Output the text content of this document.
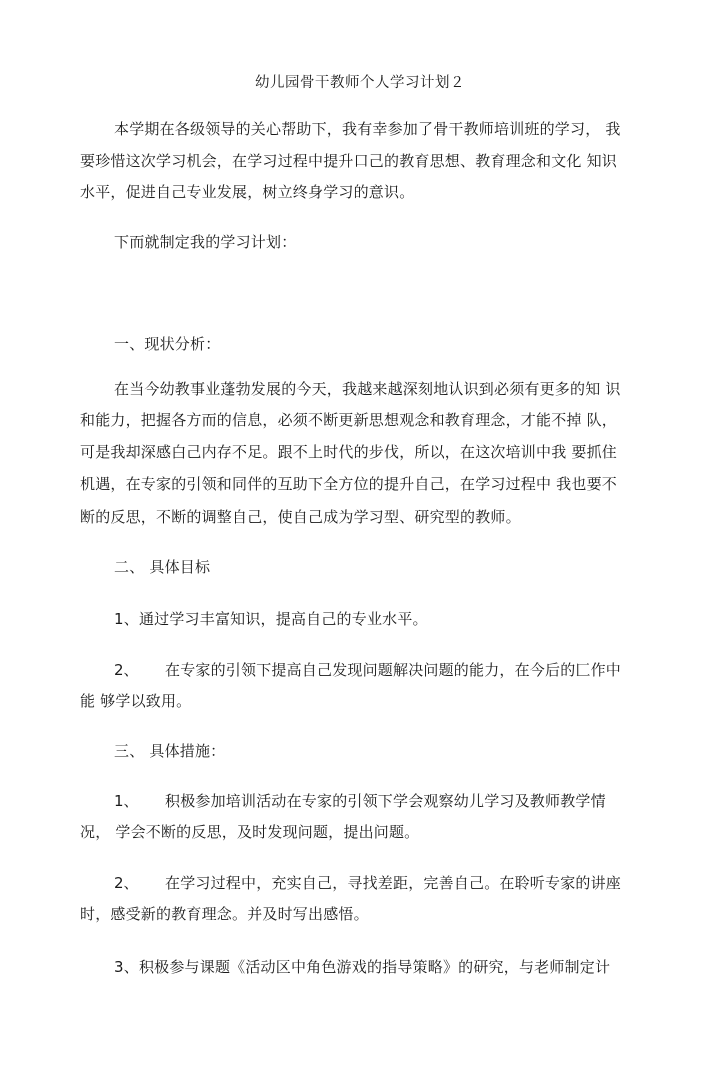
幼儿园骨干教师个人学习计划２
本学期在各级领导的关心帮助下，我有幸参加了骨干教师培训班的学习， 我
要珍惜这次学习机会，在学习过程中提升口己的教育思想、教育理念和文化 知识
水平，促进自己专业发展，树立终身学习的意识。
下而就制定我的学习计划：
一、现状分析：
在当今幼教事业蓬勃发展的今天，我越来越深刻地认识到必须有更多的知 识
和能力，把握各方而的信息，必须不断更新思想观念和教育理念，才能不掉 队，
可是我却深感白己内存不足。跟不上时代的步伐，所以，在这次培训中我 要抓住
机遇，在专家的引领和同伴的互助下全方位的提升自己，在学习过程中 我也要不
断的反思，不断的调整自己，使自己成为学习型、研究型的教师。
二、 具体目标
1、通过学习丰富知识，提高自己的专业水平。
2、 在专家的引领下提高自己发现问题解决问题的能力，在今后的匚作中
能 够学以致用。
三、 具体措施：
1、 积极参加培训活动在专家的引领下学会观察幼儿学习及教师教学情
况， 学会不断的反思，及时发现问题，提出问题。
2、 在学习过程中，充实自己，寻找差距，完善自己。在聆听专家的讲座
时，感受新的教育理念。并及时写出感悟。
3、积极参与课题《活动区中角色游戏的指导策略》的研究，与老师制定计
